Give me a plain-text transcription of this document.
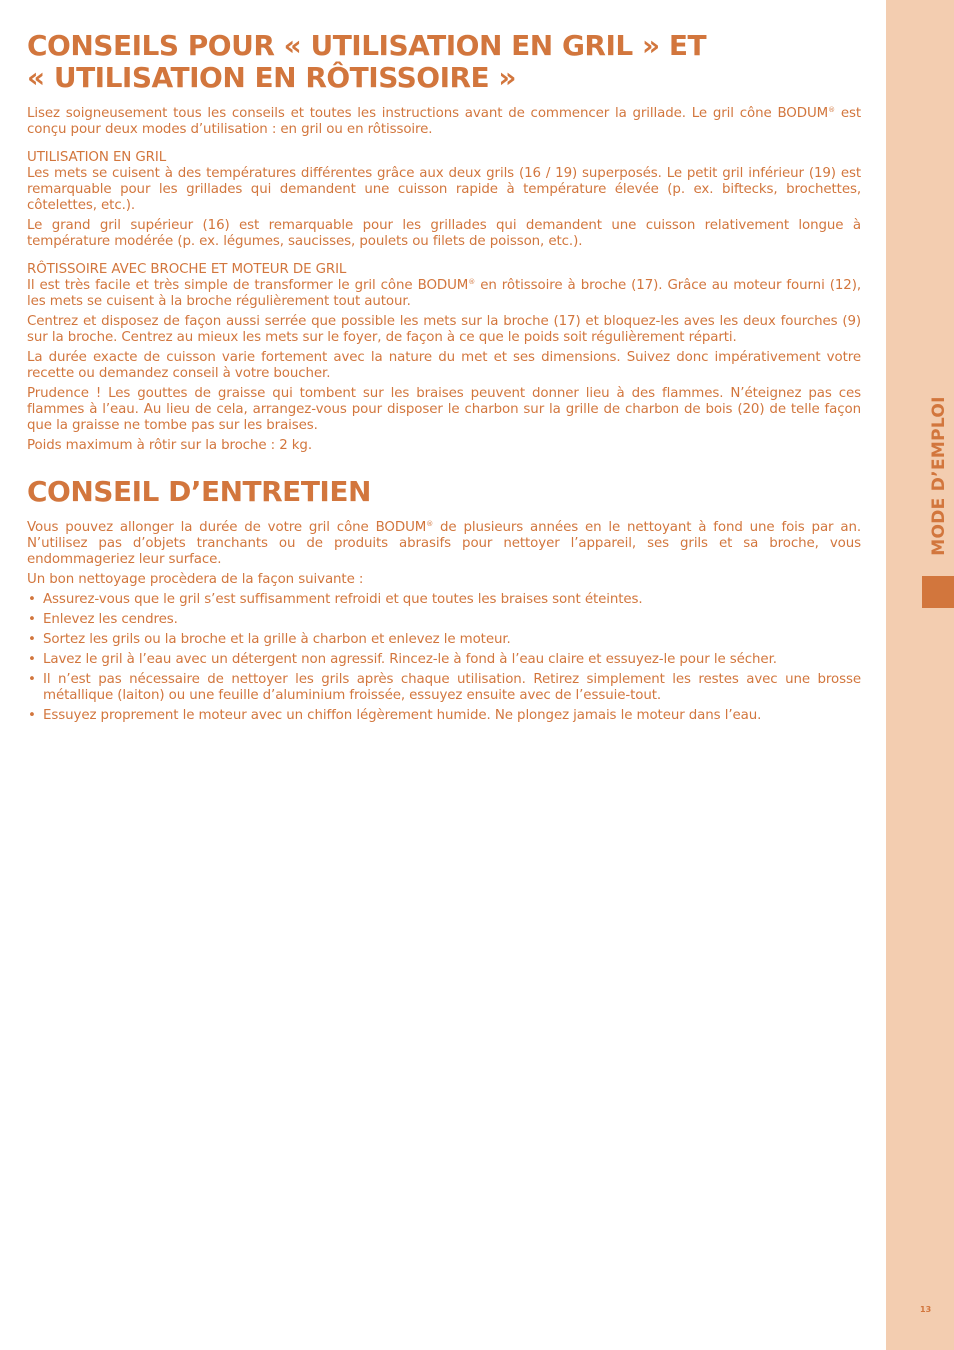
CONSEILS POUR « UTILISATION EN GRIL » ET
« UTILISATION EN RÔTISSOIRE »

Lisez soigneusement tous les conseils et toutes les instructions avant de commencer la grillade. Le gril cône BODUM® est conçu pour deux modes d’utilisation : en gril ou en rôtissoire.

UTILISATION EN GRIL

Les mets se cuisent à des températures différentes grâce aux deux grils (16 / 19) superposés. Le petit gril inférieur (19) est remarquable pour les grillades qui demandent une cuisson rapide à température élevée (p. ex. biftecks, brochettes, côtelettes, etc.).

Le grand gril supérieur (16) est remarquable pour les grillades qui demandent une cuisson relativement longue à température modérée (p. ex. légumes, saucisses, poulets ou filets de poisson, etc.).

RÔTISSOIRE AVEC BROCHE ET MOTEUR DE GRIL

Il est très facile et très simple de transformer le gril cône BODUM® en rôtissoire à broche (17). Grâce au moteur fourni (12), les mets se cuisent à la broche régulièrement tout autour.

Centrez et disposez de façon aussi serrée que possible les mets sur la broche (17) et bloquez-les aves les deux fourches (9) sur la broche. Centrez au mieux les mets sur le foyer, de façon à ce que le poids soit régulièrement réparti.

La durée exacte de cuisson varie fortement avec la nature du met et ses dimensions. Suivez donc impérativement votre recette ou demandez conseil à votre boucher.

Prudence ! Les gouttes de graisse qui tombent sur les braises peuvent donner lieu à des flammes. N’éteignez pas ces flammes à l’eau. Au lieu de cela, arrangez-vous pour disposer le charbon sur la grille de charbon de bois (20) de telle façon que la graisse ne tombe pas sur les braises.

Poids maximum à rôtir sur la broche : 2 kg.

CONSEIL D’ENTRETIEN

Vous pouvez allonger la durée de votre gril cône BODUM® de plusieurs années en le nettoyant à fond une fois par an. N’utilisez pas d’objets tranchants ou de produits abrasifs pour nettoyer l’appareil, ses grils et sa broche, vous endommageriez leur surface.

Un bon nettoyage procèdera de la façon suivante :

• Assurez-vous que le gril s’est suffisamment refroidi et que toutes les braises sont éteintes.
• Enlevez les cendres.
• Sortez les grils ou la broche et la grille à charbon et enlevez le moteur.
• Lavez le gril à l’eau avec un détergent non agressif. Rincez-le à fond à l’eau claire et essuyez-le pour le sécher.
• Il n’est pas nécessaire de nettoyer les grils après chaque utilisation. Retirez simplement les restes avec une brosse métallique (laiton) ou une feuille d’aluminium froissée, essuyez ensuite avec de l’essuie-tout.
• Essuyez proprement le moteur avec un chiffon légèrement humide. Ne plongez jamais le moteur dans l’eau.
MODE D’EMPLOI
13
